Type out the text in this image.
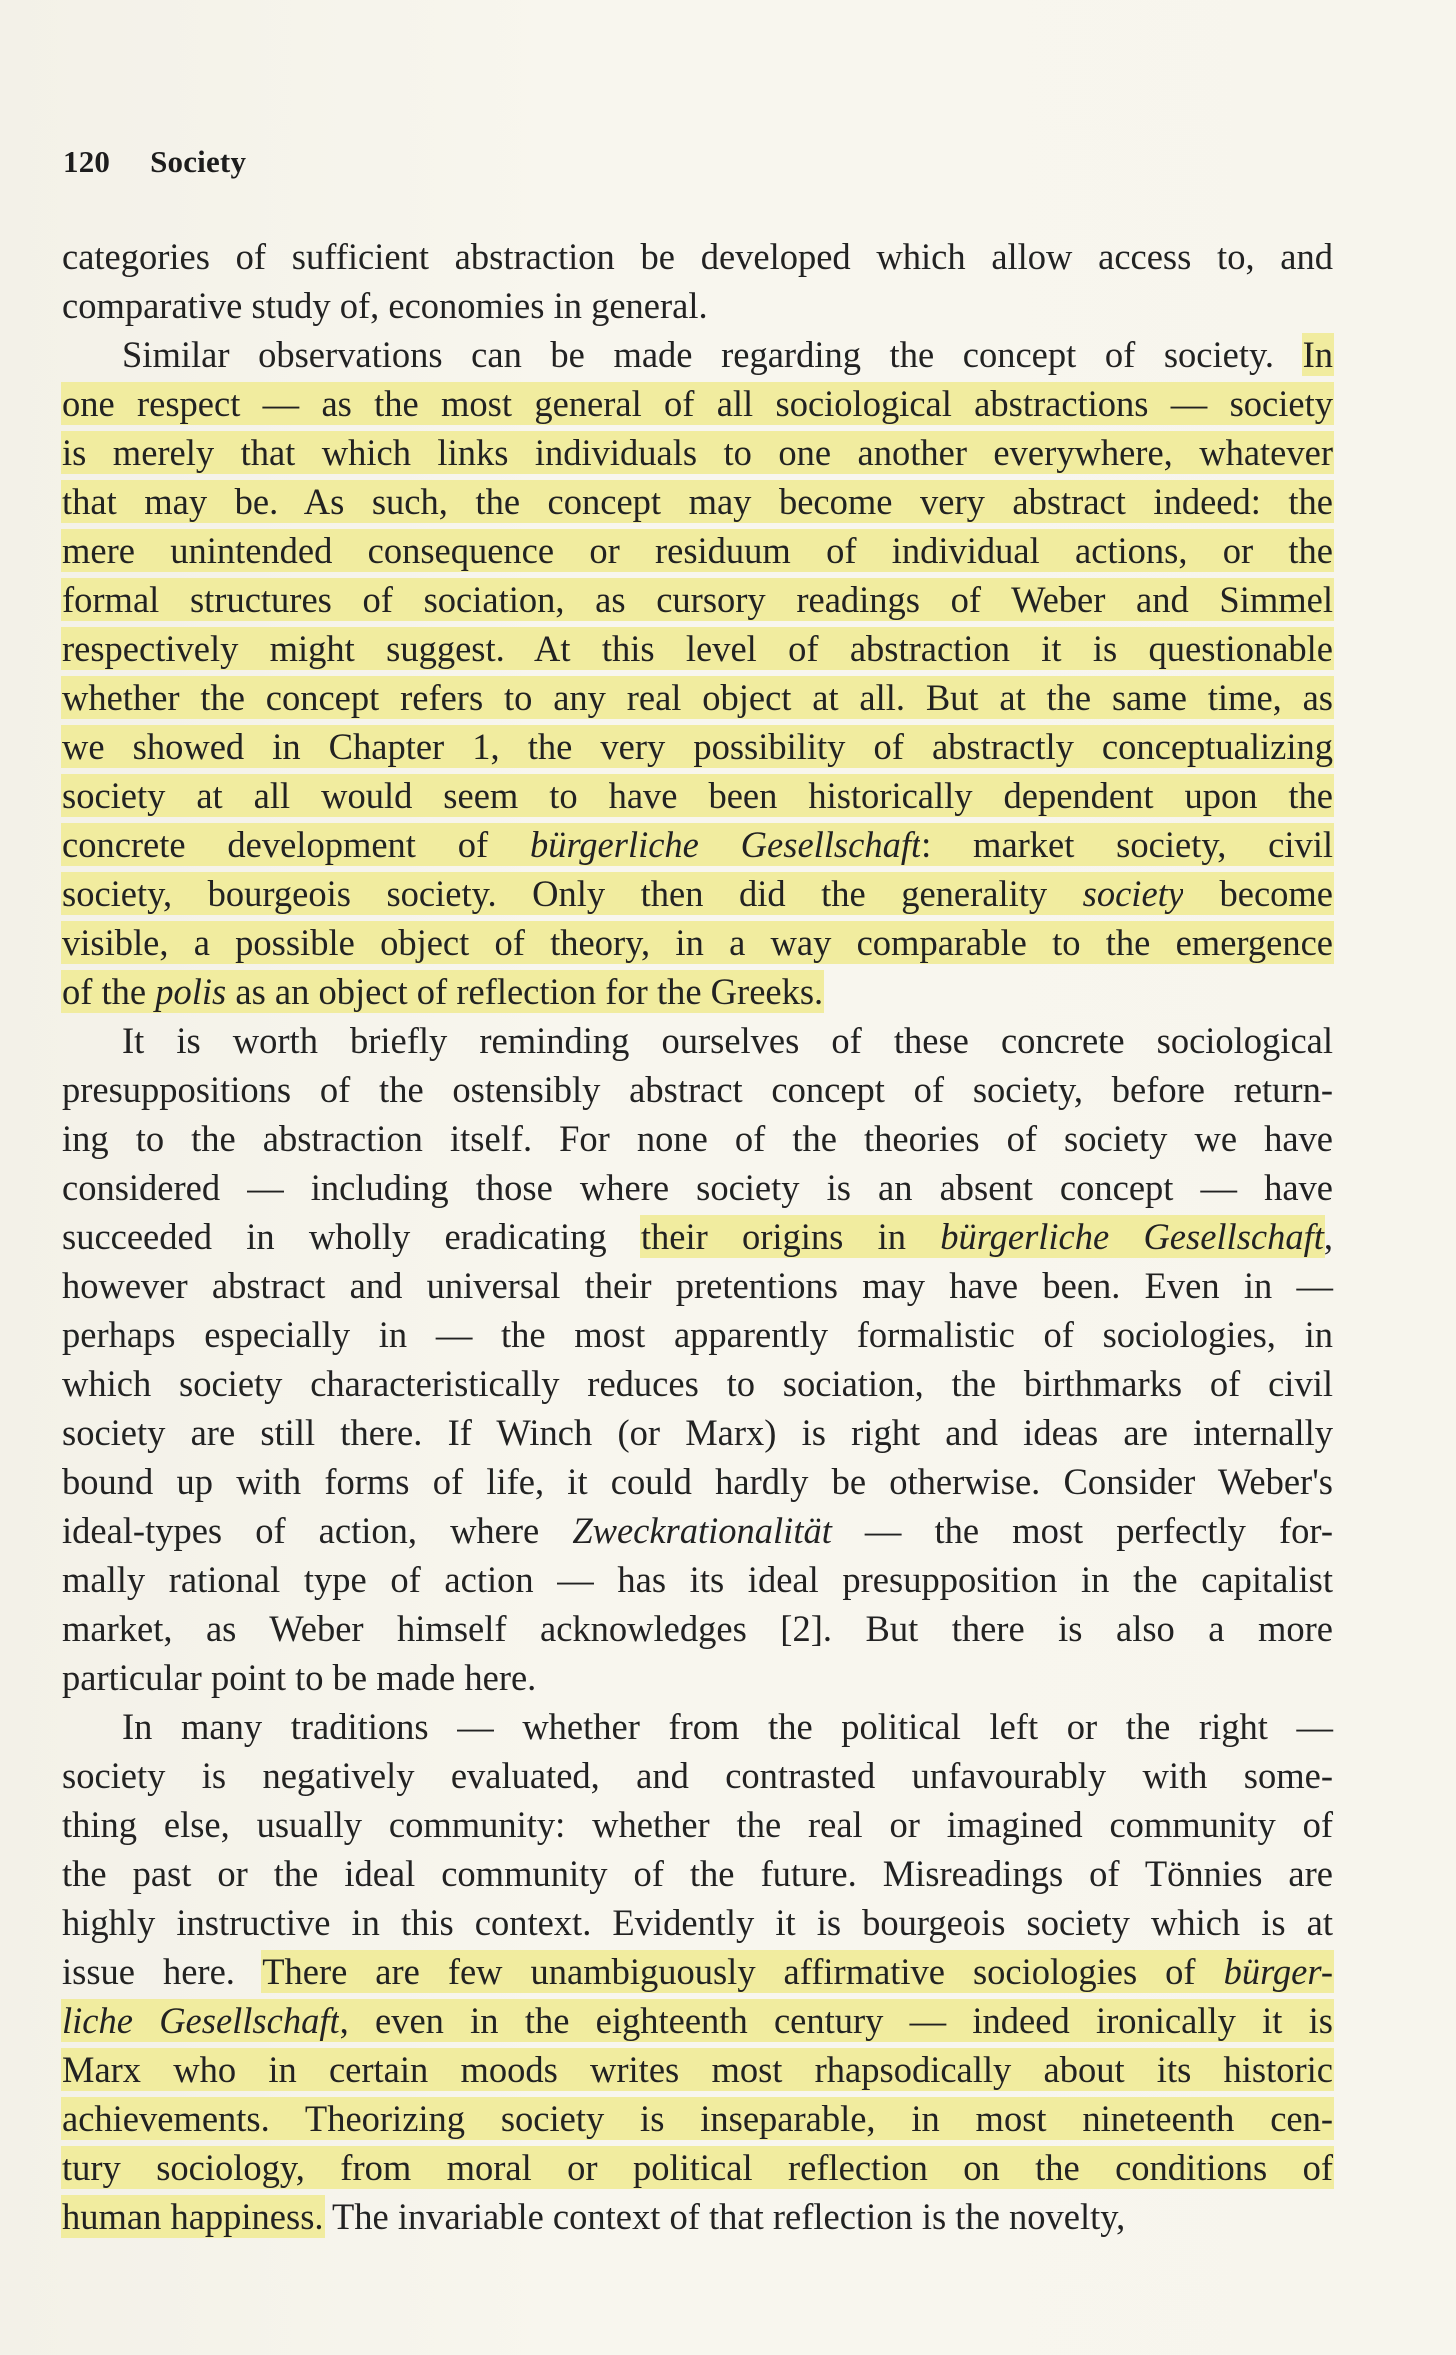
120 Society
categories of sufficient abstraction be developed which allow access to, and
comparative study of, economies in general.
Similar observations can be made regarding the concept of society. In
one respect — as the most general of all sociological abstractions — society
is merely that which links individuals to one another everywhere, whatever
that may be. As such, the concept may become very abstract indeed: the
mere unintended consequence or residuum of individual actions, or the
formal structures of sociation, as cursory readings of Weber and Simmel
respectively might suggest. At this level of abstraction it is questionable
whether the concept refers to any real object at all. But at the same time, as
we showed in Chapter 1, the very possibility of abstractly conceptualizing
society at all would seem to have been historically dependent upon the
concrete development of bürgerliche Gesellschaft: market society, civil
society, bourgeois society. Only then did the generality society become
visible, a possible object of theory, in a way comparable to the emergence
of the polis as an object of reflection for the Greeks.
It is worth briefly reminding ourselves of these concrete sociological
presuppositions of the ostensibly abstract concept of society, before return-
ing to the abstraction itself. For none of the theories of society we have
considered — including those where society is an absent concept — have
succeeded in wholly eradicating their origins in bürgerliche Gesellschaft,
however abstract and universal their pretentions may have been. Even in —
perhaps especially in — the most apparently formalistic of sociologies, in
which society characteristically reduces to sociation, the birthmarks of civil
society are still there. If Winch (or Marx) is right and ideas are internally
bound up with forms of life, it could hardly be otherwise. Consider Weber's
ideal-types of action, where Zweckrationalität — the most perfectly for-
mally rational type of action — has its ideal presupposition in the capitalist
market, as Weber himself acknowledges [2]. But there is also a more
particular point to be made here.
In many traditions — whether from the political left or the right —
society is negatively evaluated, and contrasted unfavourably with some-
thing else, usually community: whether the real or imagined community of
the past or the ideal community of the future. Misreadings of Tönnies are
highly instructive in this context. Evidently it is bourgeois society which is at
issue here. There are few unambiguously affirmative sociologies of bürger-
liche Gesellschaft, even in the eighteenth century — indeed ironically it is
Marx who in certain moods writes most rhapsodically about its historic
achievements. Theorizing society is inseparable, in most nineteenth cen-
tury sociology, from moral or political reflection on the conditions of
human happiness. The invariable context of that reflection is the novelty,
